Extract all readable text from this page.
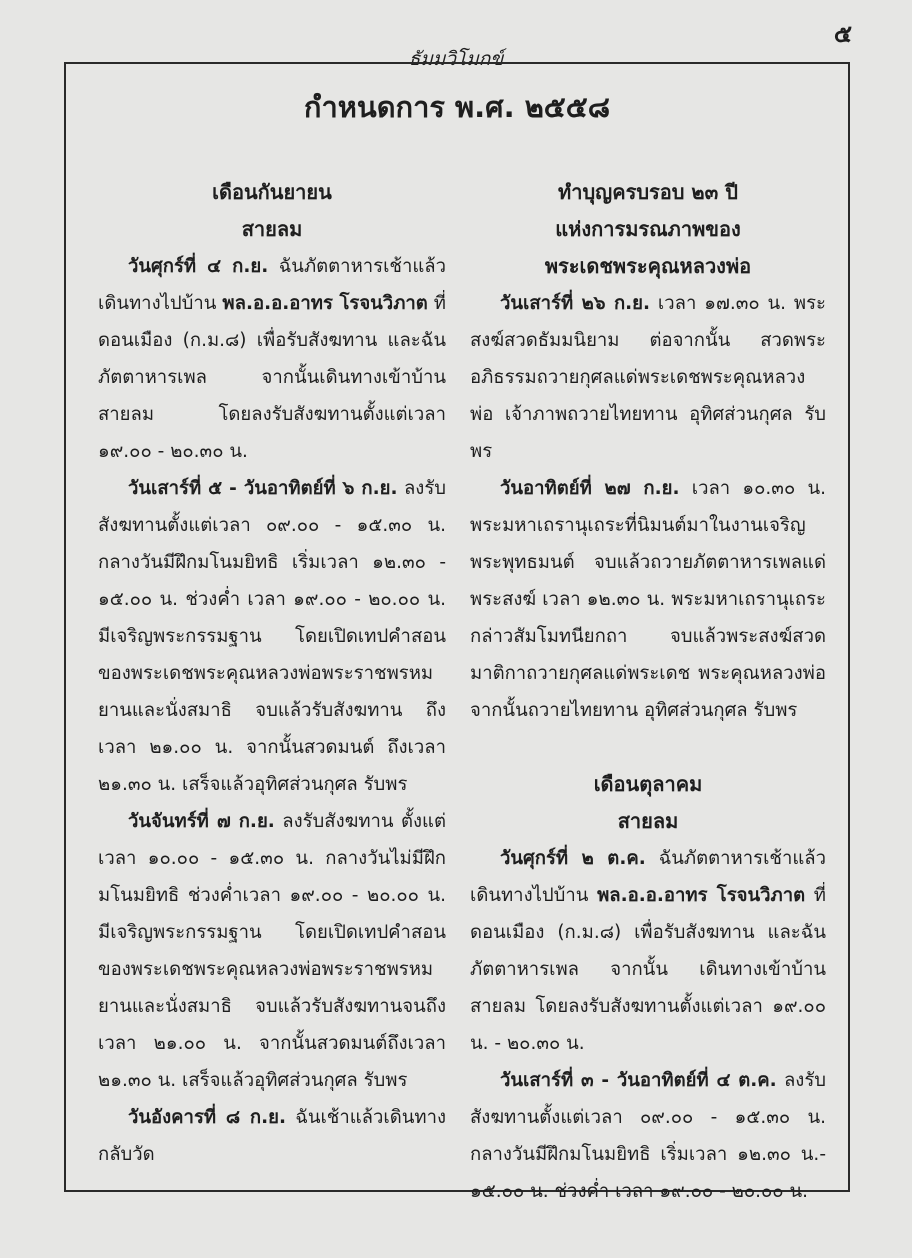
๕
ธัมมวิโมกข์
กำหนดการ พ.ศ. ๒๕๕๘

เดือนกันยายน

สายลม

วันศุกร์ที่ ๔ ก.ย. ฉันภัตตาหารเช้าแล้วเดินทางไปบ้าน พล.อ.อ.อาทร โรจนวิภาต ที่ดอนเมือง (ก.ม.๘) เพื่อรับสังฆทาน และฉันภัตตาหารเพล จากนั้นเดินทางเข้าบ้านสายลม โดยลงรับสังฆทานตั้งแต่เวลา ๑๙.๐๐ - ๒๐.๓๐ น.

วันเสาร์ที่ ๕ - วันอาทิตย์ที่ ๖ ก.ย. ลงรับสังฆทานตั้งแต่เวลา ๐๙.๐๐ - ๑๕.๓๐ น. กลางวันมีฝึกมโนมยิทธิ เริ่มเวลา ๑๒.๓๐ - ๑๕.๐๐ น. ช่วงค่ำ เวลา ๑๙.๐๐ - ๒๐.๐๐ น. มีเจริญพระกรรมฐาน โดยเปิดเทปคำสอนของพระเดชพระคุณหลวงพ่อพระราชพรหมยานและนั่งสมาธิ จบแล้วรับสังฆทาน ถึงเวลา ๒๑.๐๐ น. จากนั้นสวดมนต์ ถึงเวลา ๒๑.๓๐ น. เสร็จแล้วอุทิศส่วนกุศล รับพร

วันจันทร์ที่ ๗ ก.ย. ลงรับสังฆทาน ตั้งแต่เวลา ๑๐.๐๐ - ๑๕.๓๐ น. กลางวันไม่มีฝึกมโนมยิทธิ ช่วงค่ำเวลา ๑๙.๐๐ - ๒๐.๐๐ น. มีเจริญพระกรรมฐาน โดยเปิดเทปคำสอนของพระเดชพระคุณหลวงพ่อพระราชพรหมยานและนั่งสมาธิ จบแล้วรับสังฆทานจนถึง เวลา ๒๑.๐๐ น. จากนั้นสวดมนต์ถึงเวลา ๒๑.๓๐ น. เสร็จแล้วอุทิศส่วนกุศล รับพร

วันอังคารที่ ๘ ก.ย. ฉันเช้าแล้วเดินทางกลับวัด

ทำบุญครบรอบ ๒๓ ปี

แห่งการมรณภาพของ

พระเดชพระคุณหลวงพ่อ

วันเสาร์ที่ ๒๖ ก.ย. เวลา ๑๗.๓๐ น. พระสงฆ์สวดธัมมนิยาม ต่อจากนั้น สวดพระอภิธรรมถวายกุศลแด่พระเดชพระคุณหลวงพ่อ เจ้าภาพถวายไทยทาน อุทิศส่วนกุศล รับพร

วันอาทิตย์ที่ ๒๗ ก.ย. เวลา ๑๐.๓๐ น. พระมหาเถรานุเถระที่นิมนต์มาในงานเจริญพระพุทธมนต์ จบแล้วถวายภัตตาหารเพลแด่พระสงฆ์ เวลา ๑๒.๓๐ น. พระมหาเถรานุเถระกล่าวสัมโมทนียกถา จบแล้วพระสงฆ์สวดมาติกาถวายกุศลแด่พระเดช พระคุณหลวงพ่อ จากนั้นถวายไทยทาน อุทิศส่วนกุศล รับพร

เดือนตุลาคม

สายลม

วันศุกร์ที่ ๒ ต.ค. ฉันภัตตาหารเช้าแล้ว เดินทางไปบ้าน พล.อ.อ.อาทร โรจนวิภาต ที่ดอนเมือง (ก.ม.๘) เพื่อรับสังฆทาน และฉันภัตตาหารเพล จากนั้น เดินทางเข้าบ้านสายลม โดยลงรับสังฆทานตั้งแต่เวลา ๑๙.๐๐ น. - ๒๐.๓๐ น.

วันเสาร์ที่ ๓ - วันอาทิตย์ที่ ๔ ต.ค. ลงรับสังฆทานตั้งแต่เวลา ๐๙.๐๐ - ๑๕.๓๐ น. กลางวันมีฝึกมโนมยิทธิ เริ่มเวลา ๑๒.๓๐ น.- ๑๕.๐๐ น. ช่วงค่ำ เวลา ๑๙.๐๐ - ๒๐.๐๐ น.
